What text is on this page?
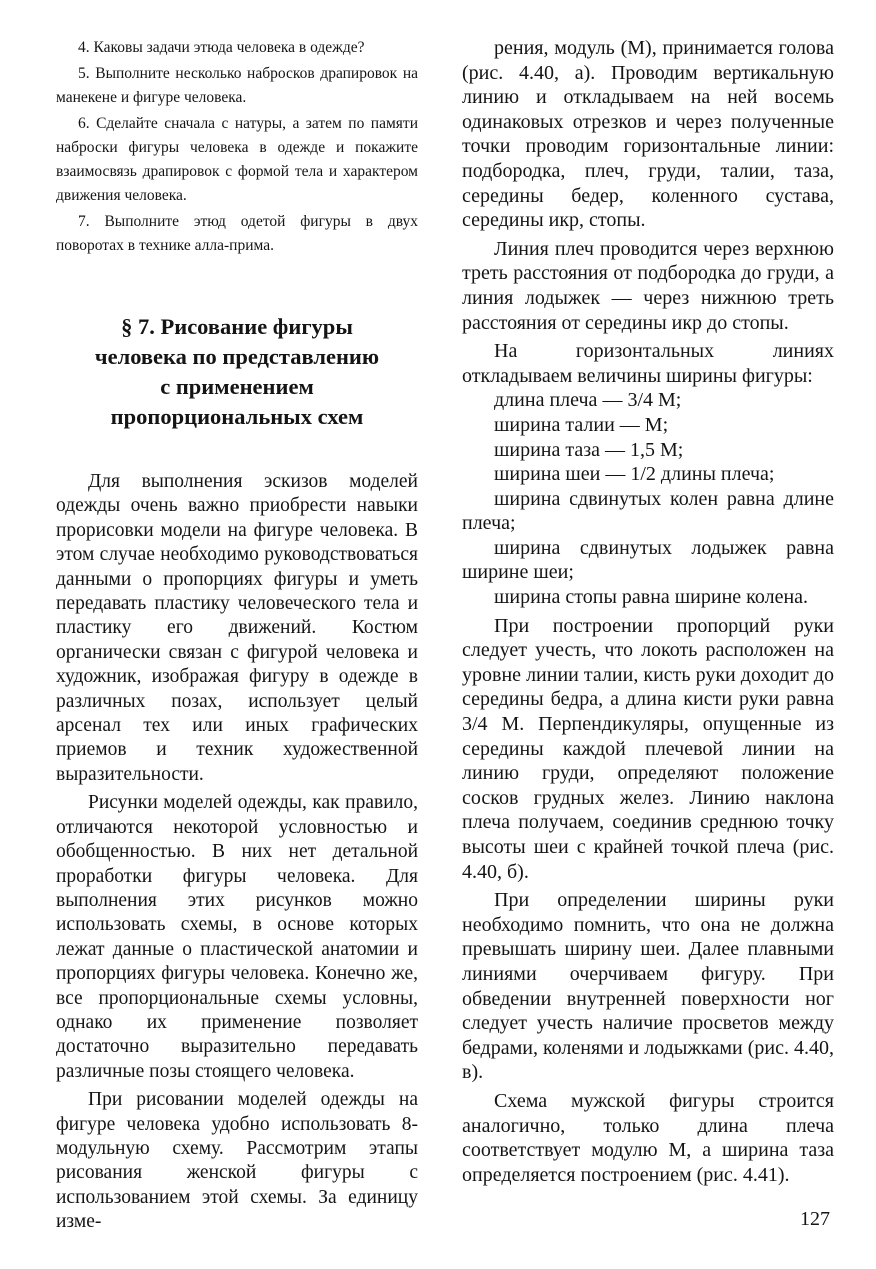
4. Каковы задачи этюда человека в одежде?

5. Выполните несколько набросков драпировок на манекене и фигуре человека.

6. Сделайте сначала с натуры, а затем по памяти наброски фигуры человека в одежде и покажите взаимосвязь драпировок с формой тела и характером движения человека.

7. Выполните этюд одетой фигуры в двух поворотах в технике алла-прима.

§ 7. Рисование фигуры
человека по представлению
с применением
пропорциональных схем

Для выполнения эскизов моделей одежды очень важно приобрести навыки прорисовки модели на фигуре человека. В этом случае необходимо руководствоваться данными о пропорциях фигуры и уметь передавать пластику человеческого тела и пластику его движений. Костюм органически связан с фигурой человека и художник, изображая фигуру в одежде в различных позах, использует целый арсенал тех или иных графических приемов и техник художественной выразительности.

Рисунки моделей одежды, как правило, отличаются некоторой условностью и обобщенностью. В них нет детальной проработки фигуры человека. Для выполнения этих рисунков можно использовать схемы, в основе которых лежат данные о пластической анатомии и пропорциях фигуры человека. Конечно же, все пропорциональные схемы условны, однако их применение позволяет достаточно выразительно передавать различные позы стоящего человека.

При рисовании моделей одежды на фигуре человека удобно использовать 8-модульную схему. Рассмотрим этапы рисования женской фигуры с использованием этой схемы. За единицу изме-

рения, модуль (М), принимается голова (рис. 4.40, а). Проводим вертикальную линию и откладываем на ней восемь одинаковых отрезков и через полученные точки проводим горизонтальные линии: подбородка, плеч, груди, талии, таза, середины бедер, коленного сустава, середины икр, стопы.

Линия плеч проводится через верхнюю треть расстояния от подбородка до груди, а линия лодыжек — через нижнюю треть расстояния от середины икр до стопы.

На горизонтальных линиях откладываем величины ширины фигуры:

длина плеча — 3/4 М;

ширина талии — М;

ширина таза — 1,5 М;

ширина шеи — 1/2 длины плеча;

ширина сдвинутых колен равна длине плеча;

ширина сдвинутых лодыжек равна ширине шеи;

ширина стопы равна ширине колена.

При построении пропорций руки следует учесть, что локоть расположен на уровне линии талии, кисть руки доходит до середины бедра, а длина кисти руки равна 3/4 М. Перпендикуляры, опущенные из середины каждой плечевой линии на линию груди, определяют положение сосков грудных желез. Линию наклона плеча получаем, соединив среднюю точку высоты шеи с крайней точкой плеча (рис. 4.40, б).

При определении ширины руки необходимо помнить, что она не должна превышать ширину шеи. Далее плавными линиями очерчиваем фигуру. При обведении внутренней поверхности ног следует учесть наличие просветов между бедрами, коленями и лодыжками (рис. 4.40, в).

Схема мужской фигуры строится аналогично, только длина плеча соответствует модулю М, а ширина таза определяется построением (рис. 4.41).

127
